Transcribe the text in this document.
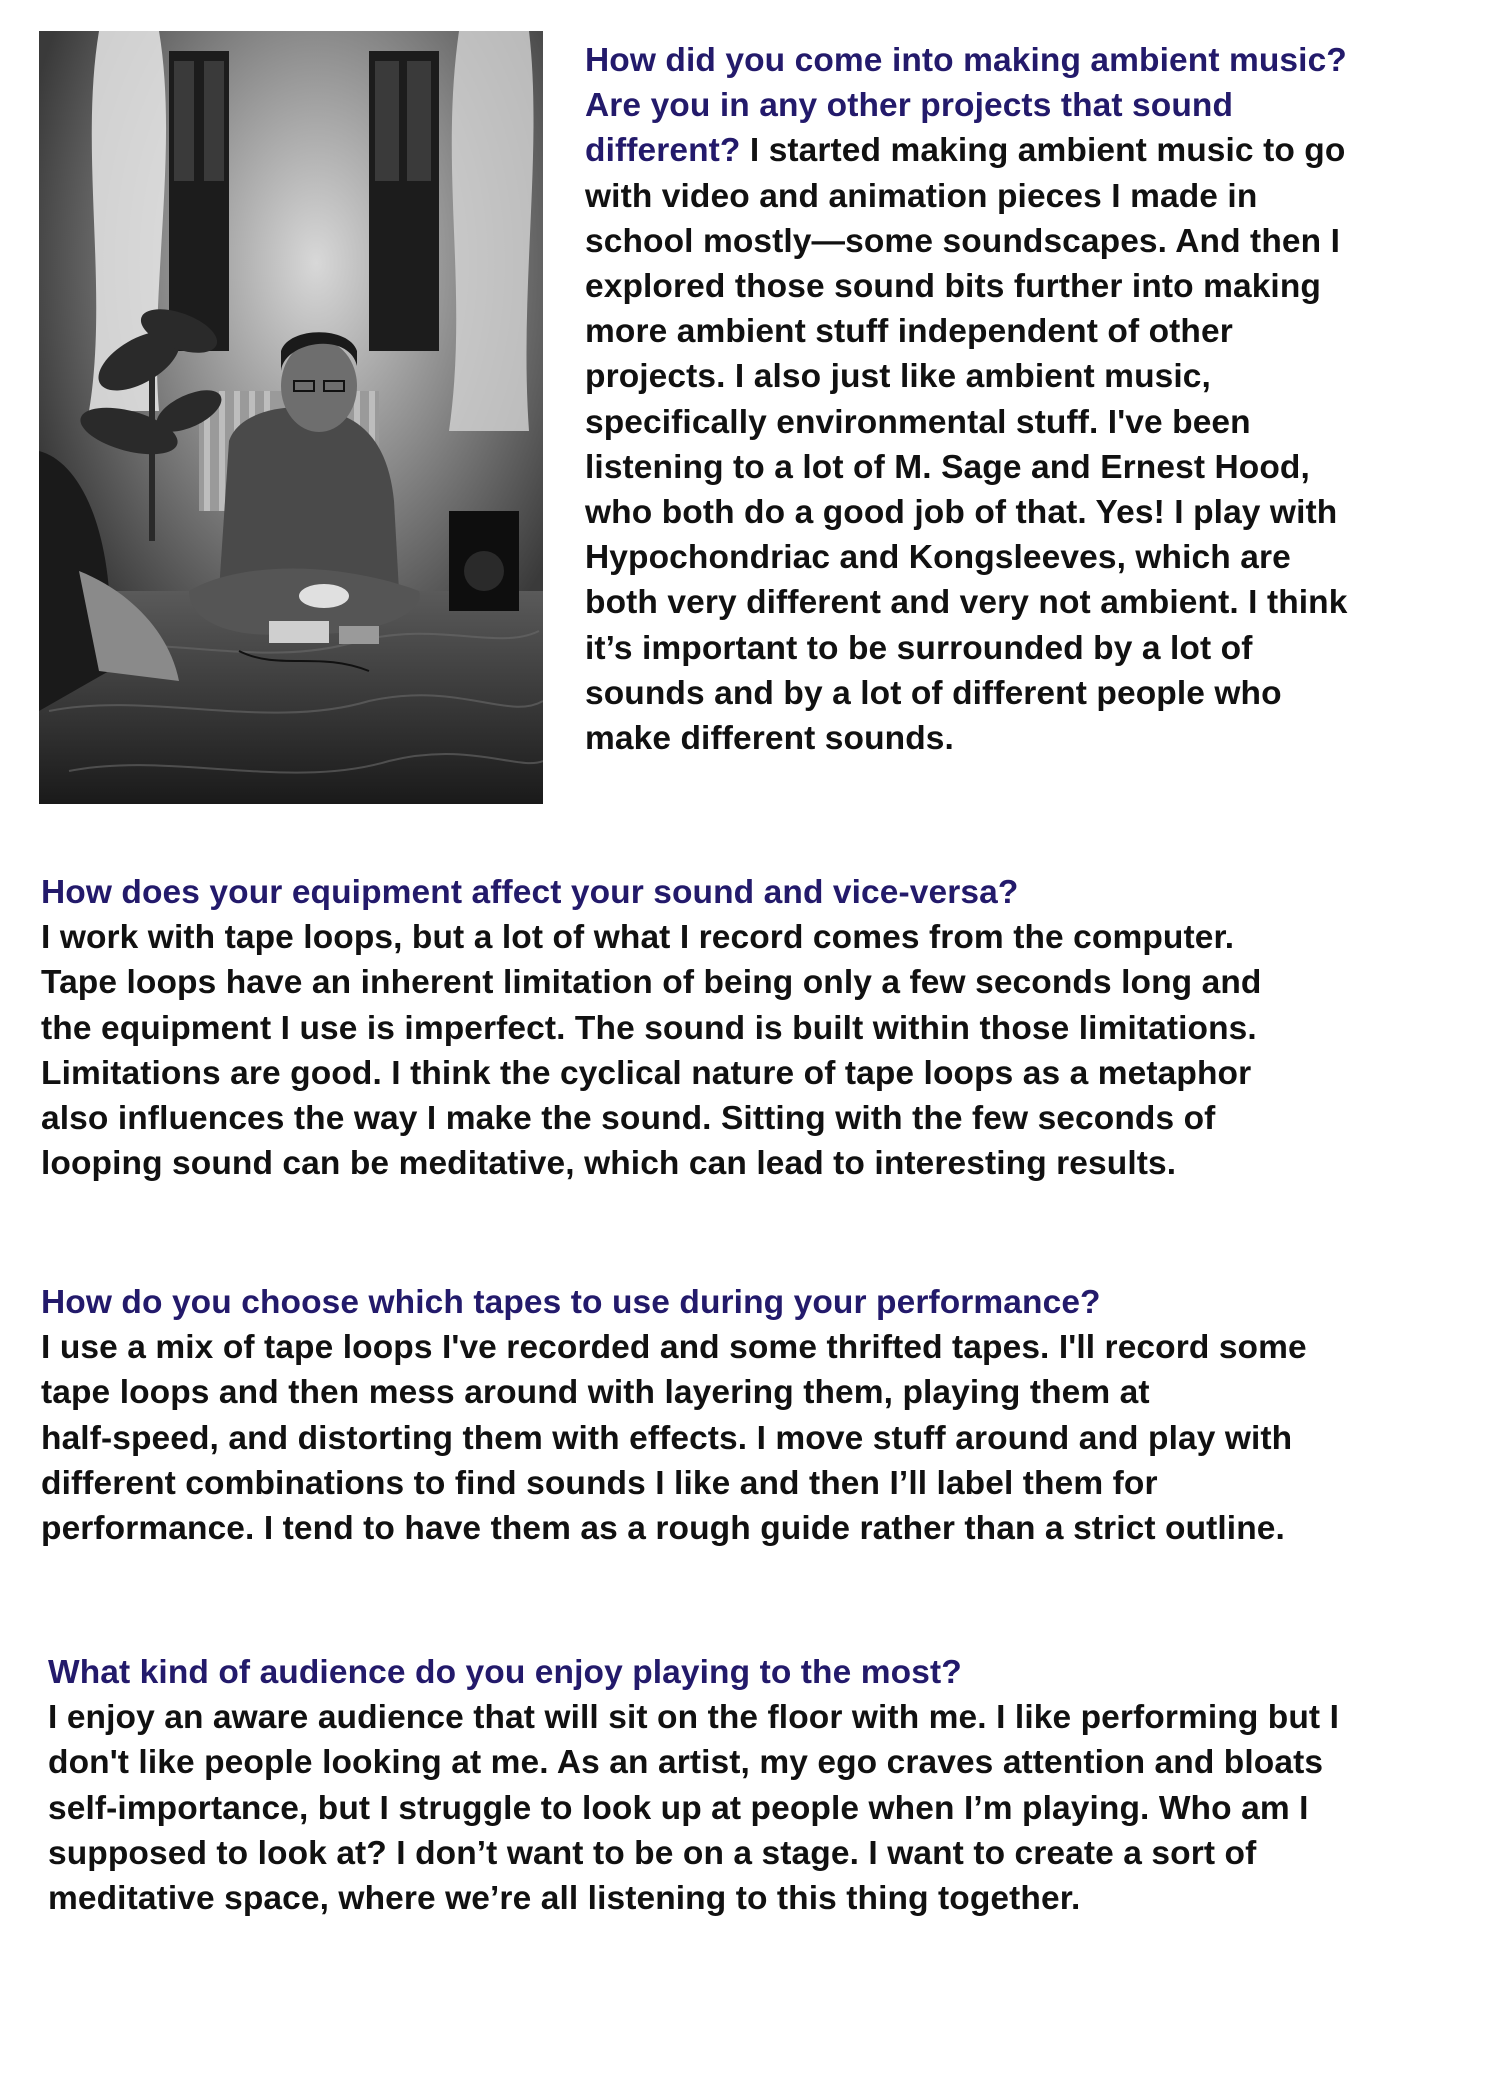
How did you come into making ambient music?
Are you in any other projects that sound
different? I started making ambient music to go
with video and animation pieces I made in
school mostly—some soundscapes. And then I
explored those sound bits further into making
more ambient stuff independent of other
projects. I also just like ambient music,
specifically environmental stuff. I've been
listening to a lot of M. Sage and Ernest Hood,
who both do a good job of that. Yes! I play with
Hypochondriac and Kongsleeves, which are
both very different and very not ambient. I think
it’s important to be surrounded by a lot of
sounds and by a lot of different people who
make different sounds.
How does your equipment affect your sound and vice-versa?
I work with tape loops, but a lot of what I record comes from the computer.
Tape loops have an inherent limitation of being only a few seconds long and
the equipment I use is imperfect. The sound is built within those limitations.
Limitations are good. I think the cyclical nature of tape loops as a metaphor
also influences the way I make the sound. Sitting with the few seconds of
looping sound can be meditative, which can lead to interesting results.
How do you choose which tapes to use during your performance?
I use a mix of tape loops I've recorded and some thrifted tapes. I'll record some
tape loops and then mess around with layering them, playing them at
half-speed, and distorting them with effects. I move stuff around and play with
different combinations to find sounds I like and then I’ll label them for
performance. I tend to have them as a rough guide rather than a strict outline.
What kind of audience do you enjoy playing to the most?
I enjoy an aware audience that will sit on the floor with me. I like performing but I
don't like people looking at me. As an artist, my ego craves attention and bloats
self-importance, but I struggle to look up at people when I’m playing. Who am I
supposed to look at? I don’t want to be on a stage. I want to create a sort of
meditative space, where we’re all listening to this thing together.
